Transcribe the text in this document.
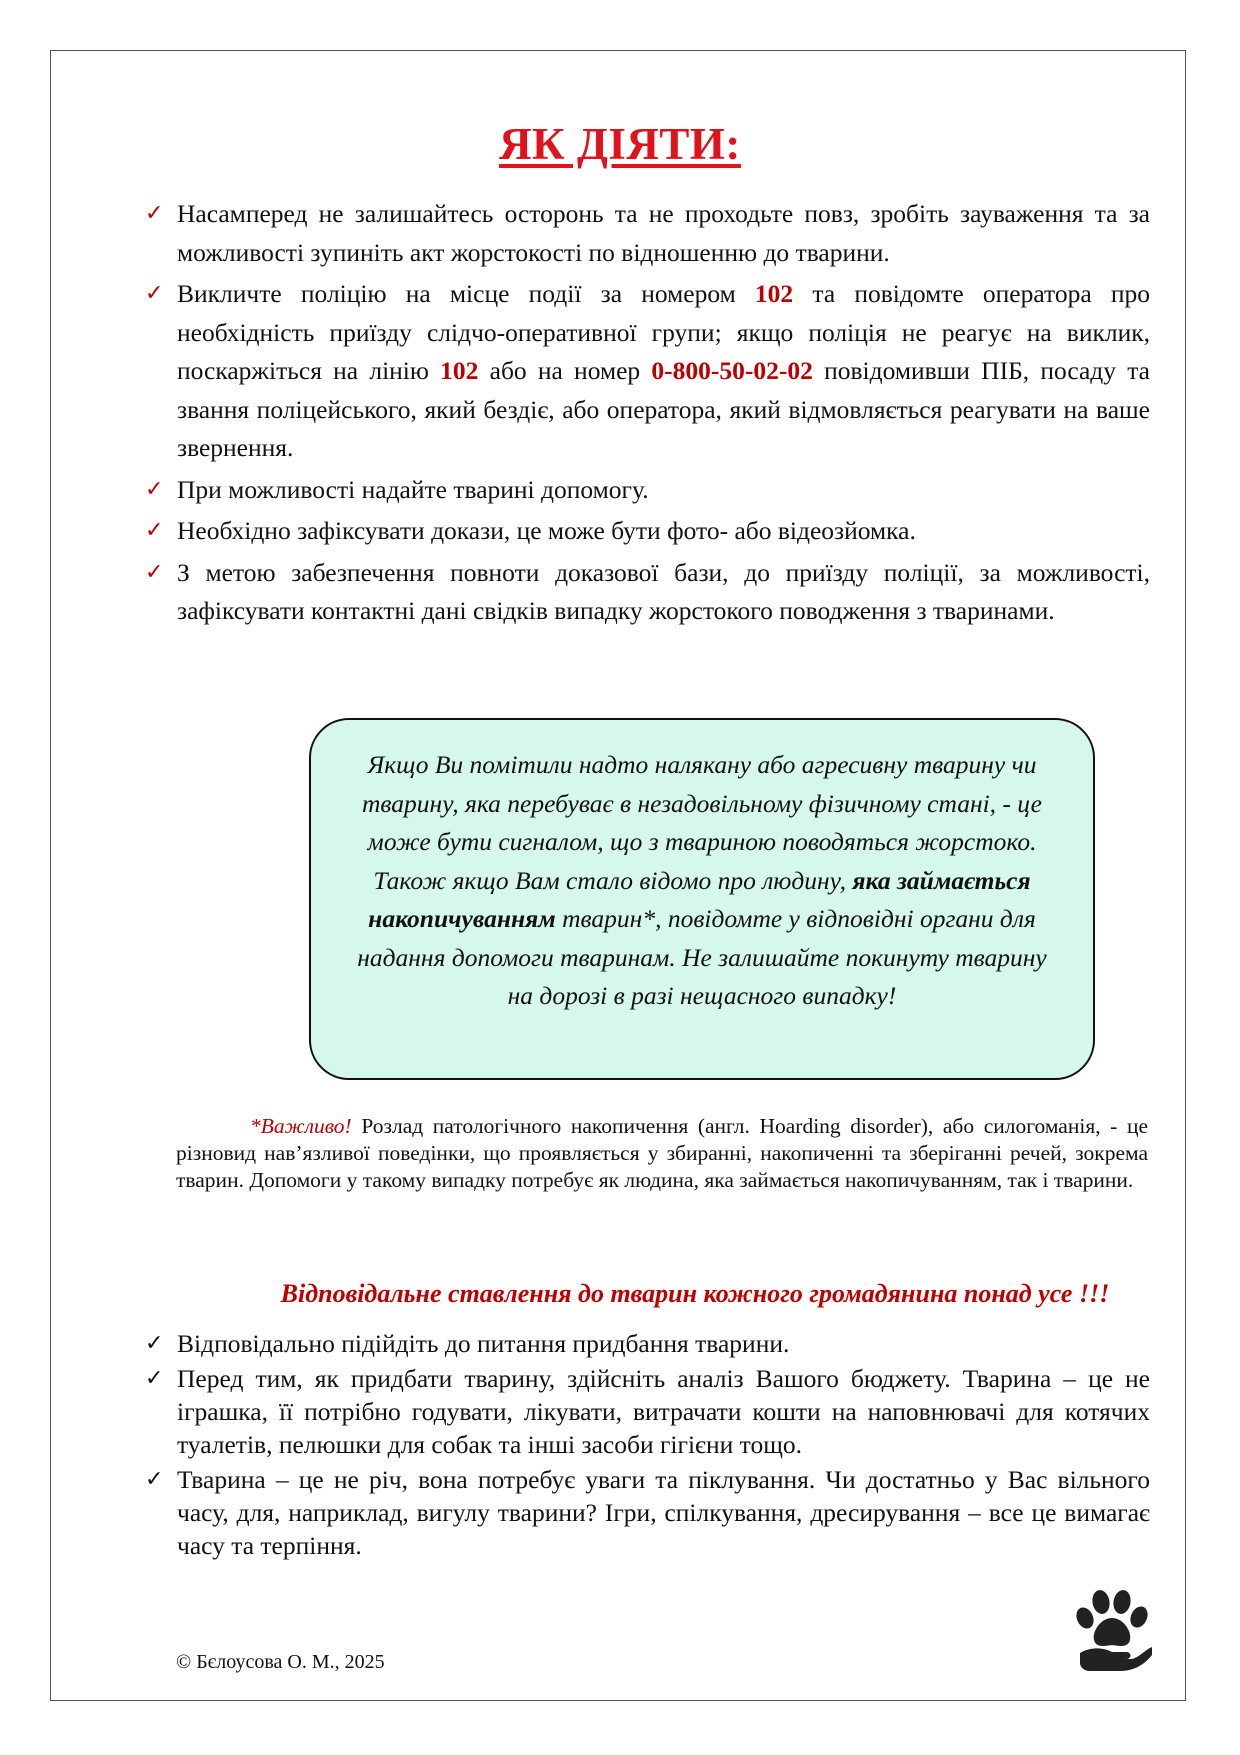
ЯК ДІЯТИ:
✓ Насамперед не залишайтесь осторонь та не проходьте повз, зробіть зауваження та за можливості зупиніть акт жорстокості по відношенню до тварини.
✓ Викличте поліцію на місце події за номером 102 та повідомте оператора про необхідність приїзду слідчо-оперативної групи; якщо поліція не реагує на виклик, поскаржіться на лінію 102 або на номер 0-800-50-02-02 повідомивши ПІБ, посаду та звання поліцейського, який бездіє, або оператора, який відмовляється реагувати на ваше звернення.
✓ При можливості надайте тварині допомогу.
✓ Необхідно зафіксувати докази, це може бути фото- або відеозйомка.
✓ З метою забезпечення повноти доказової бази, до приїзду поліції, за можливості, зафіксувати контактні дані свідків випадку жорстокого поводження з тваринами.
Якщо Ви помітили надто налякану або агресивну тварину чи тварину, яка перебуває в незадовільному фізичному стані, - це може бути сигналом, що з твариною поводяться жорстоко. Також якщо Вам стало відомо про людину, яка займається накопичуванням тварин*, повідомте у відповідні органи для надання допомоги тваринам. Не залишайте покинуту тварину на дорозі в разі нещасного випадку!
*Важливо! Розлад патологічного накопичення (англ. Hoarding disorder), або силогоманія, - це різновид нав’язливої поведінки, що проявляється у збиранні, накопиченні та зберіганні речей, зокрема тварин. Допомоги у такому випадку потребує як людина, яка займається накопичуванням, так і тварини.
Відповідальне ставлення до тварин кожного громадянина понад усе !!!
✓ Відповідально підійдіть до питання придбання тварини.
✓ Перед тим, як придбати тварину, здійсніть аналіз Вашого бюджету. Тварина – це не іграшка, її потрібно годувати, лікувати, витрачати кошти на наповнювачі для котячих туалетів, пелюшки для собак та інші засоби гігієни тощо.
✓ Тварина – це не річ, вона потребує уваги та піклування. Чи достатньо у Вас вільного часу, для, наприклад, вигулу тварини? Ігри, спілкування, дресирування – все це вимагає часу та терпіння.
© Бєлоусова О. М., 2025
